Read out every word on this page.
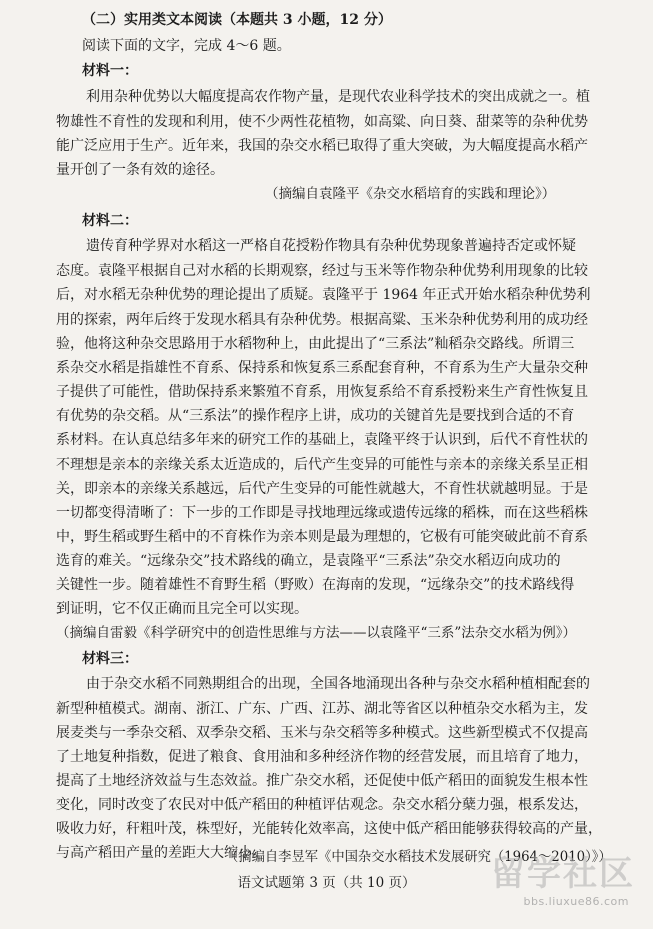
（二）实用类文本阅读（本题共 3 小题，12 分）
阅读下面的文字，完成 4～6 题。
材料一：
利用杂种优势以大幅度提高农作物产量，是现代农业科学技术的突出成就之一。植
物雄性不育性的发现和利用，使不少两性花植物，如高粱、向日葵、甜菜等的杂种优势
能广泛应用于生产。近年来，我国的杂交水稻已取得了重大突破，为大幅度提高水稻产
量开创了一条有效的途径。
（摘编自袁隆平《杂交水稻培育的实践和理论》）
材料二：
遗传育种学界对水稻这一严格自花授粉作物具有杂种优势现象普遍持否定或怀疑
态度。袁隆平根据自己对水稻的长期观察，经过与玉米等作物杂种优势利用现象的比较
后，对水稻无杂种优势的理论提出了质疑。袁隆平于 1964 年正式开始水稻杂种优势利
用的探索，两年后终于发现水稻具有杂种优势。根据高粱、玉米杂种优势利用的成功经
验，他将这种杂交思路用于水稻物种上，由此提出了“三系法”籼稻杂交路线。所谓三
系杂交水稻是指雄性不育系、保持系和恢复系三系配套育种，不育系为生产大量杂交种
子提供了可能性，借助保持系来繁殖不育系，用恢复系给不育系授粉来生产育性恢复且
有优势的杂交稻。从“三系法”的操作程序上讲，成功的关键首先是要找到合适的不育
系材料。在认真总结多年来的研究工作的基础上，袁隆平终于认识到，后代不育性状的
不理想是亲本的亲缘关系太近造成的，后代产生变异的可能性与亲本的亲缘关系呈正相
关，即亲本的亲缘关系越远，后代产生变异的可能性就越大，不育性状就越明显。于是
一切都变得清晰了：下一步的工作即是寻找地理远缘或遗传远缘的稻株，而在这些稻株
中，野生稻或野生稻中的不育株作为亲本则是最为理想的，它极有可能突破此前不育系
选育的难关。“远缘杂交”技术路线的确立，是袁隆平“三系法”杂交水稻迈向成功的
关键性一步。随着雄性不育野生稻（野败）在海南的发现，“远缘杂交”的技术路线得
到证明，它不仅正确而且完全可以实现。
（摘编自雷毅《科学研究中的创造性思维与方法——以袁隆平“三系”法杂交水稻为例》）
材料三：
由于杂交水稻不同熟期组合的出现，全国各地涌现出各种与杂交水稻种植相配套的
新型种植模式。湖南、浙江、广东、广西、江苏、湖北等省区以种植杂交水稻为主，发
展麦类与一季杂交稻、双季杂交稻、玉米与杂交稻等多种模式。这些新型模式不仅提高
了土地复种指数，促进了粮食、食用油和多种经济作物的经营发展，而且培育了地力，
提高了土地经济效益与生态效益。推广杂交水稻，还促使中低产稻田的面貌发生根本性
变化，同时改变了农民对中低产稻田的种植评估观念。杂交水稻分蘖力强，根系发达，
吸收力好，秆粗叶茂，株型好，光能转化效率高，这使中低产稻田能够获得较高的产量，
与高产稻田产量的差距大大缩小。
（摘编自李昱军《中国杂交水稻技术发展研究（1964～2010）》）
语文试题第 3 页（共 10 页）	留学社区
bbs.liuxue86.com
